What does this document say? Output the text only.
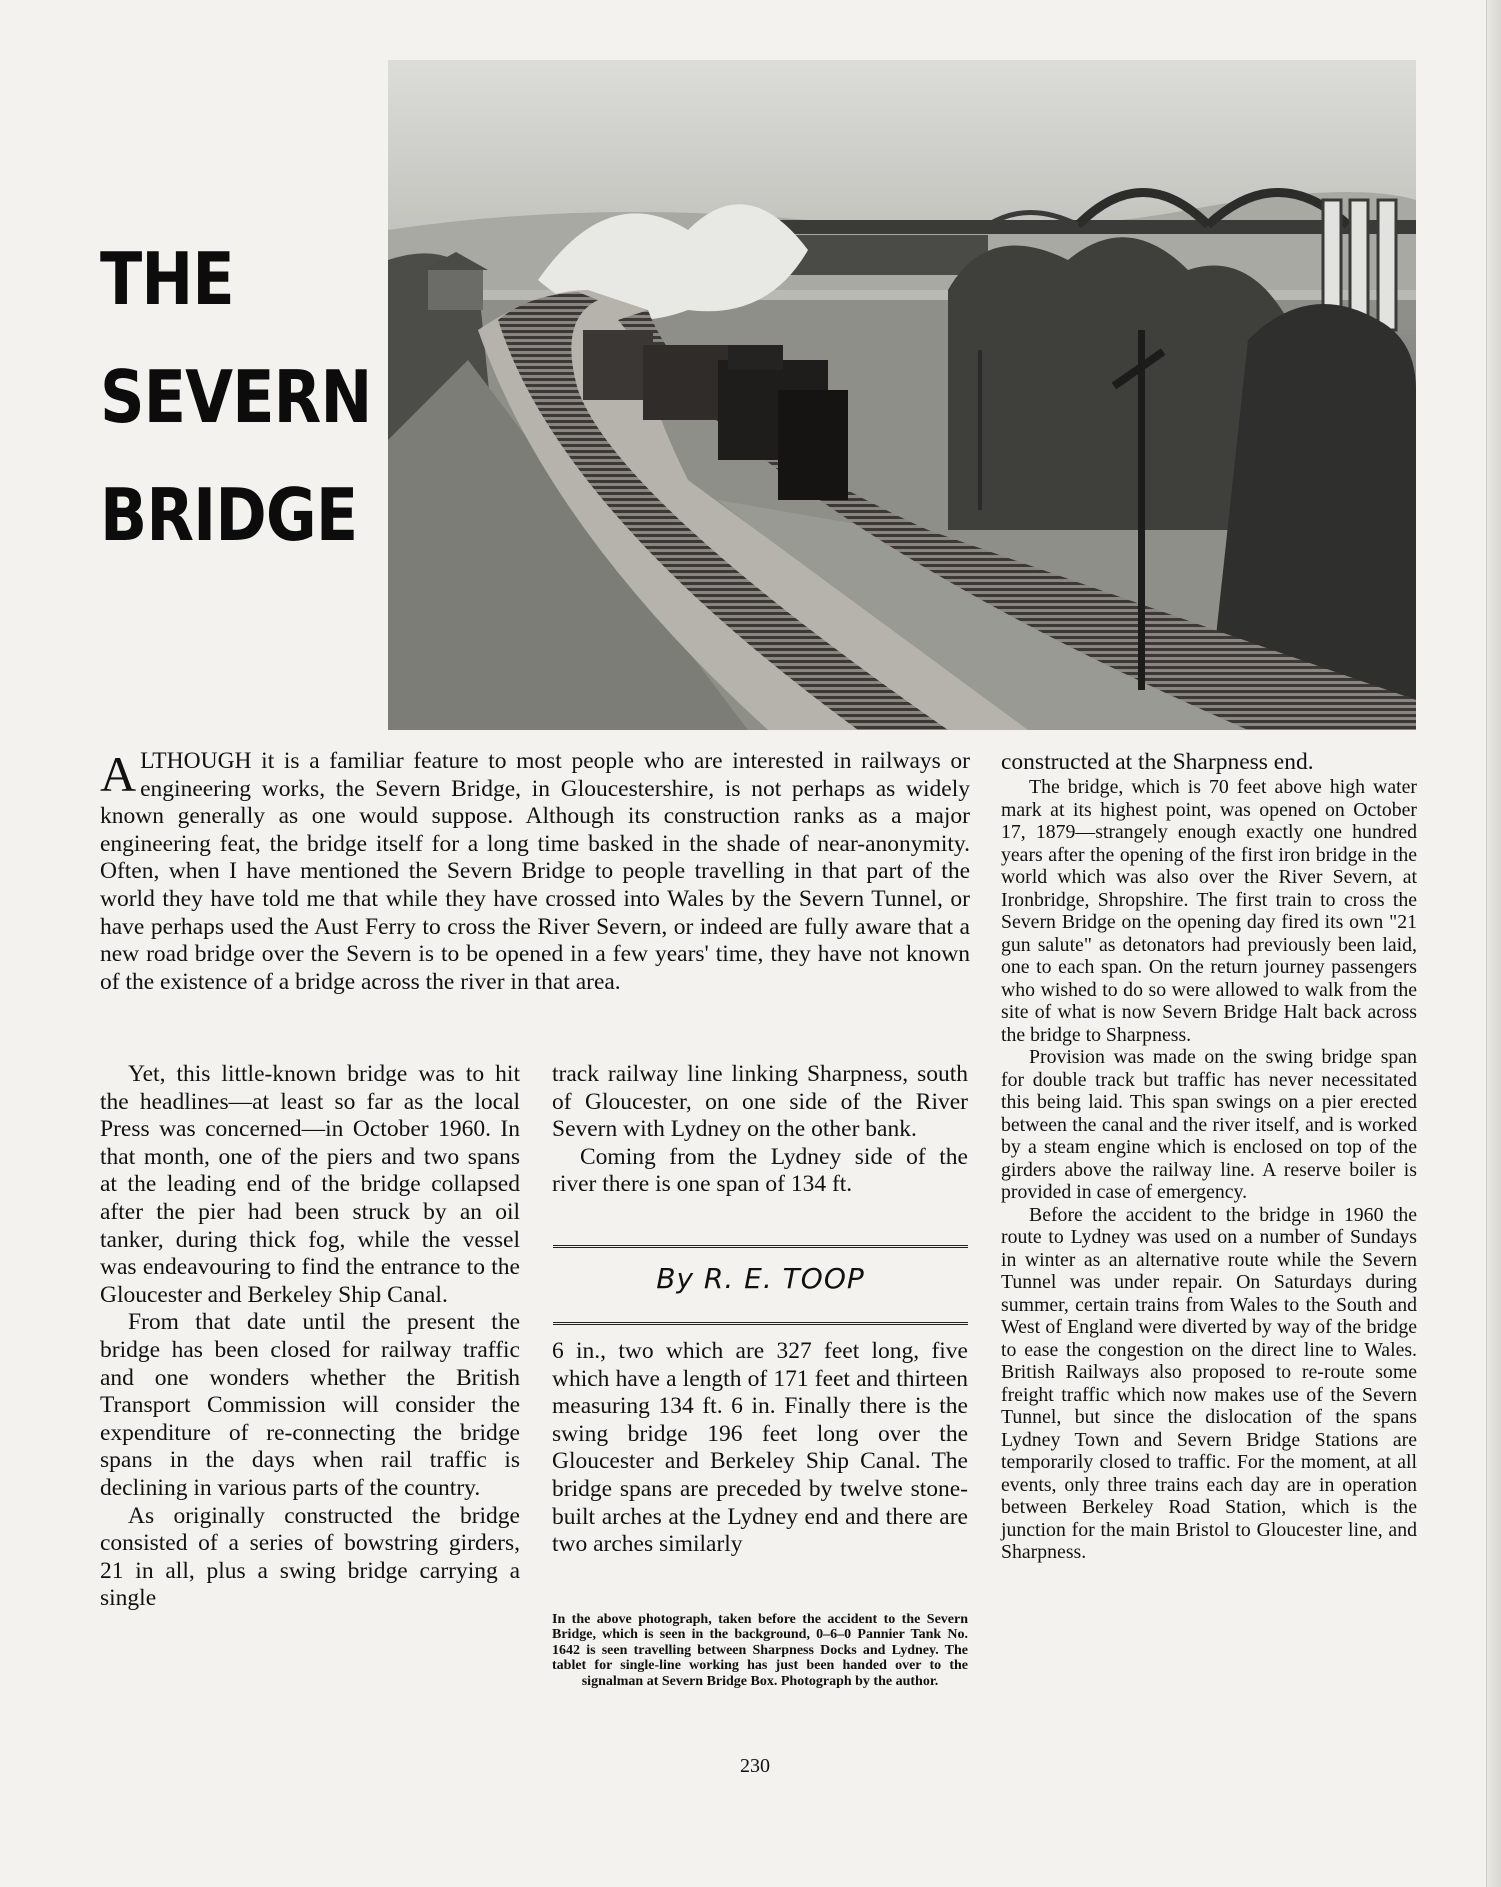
THE
SEVERN
BRIDGE

ALTHOUGH it is a familiar feature to most people who are interested in railways or engineering works, the Severn Bridge, in Gloucestershire, is not perhaps as widely known generally as one would suppose. Although its construction ranks as a major engineering feat, the bridge itself for a long time basked in the shade of near-anonymity. Often, when I have mentioned the Severn Bridge to people travelling in that part of the world they have told me that while they have crossed into Wales by the Severn Tunnel, or have perhaps used the Aust Ferry to cross the River Severn, or indeed are fully aware that a new road bridge over the Severn is to be opened in a few years' time, they have not known of the existence of a bridge across the river in that area.

Yet, this little-known bridge was to hit the headlines—at least so far as the local Press was concerned—in October 1960. In that month, one of the piers and two spans at the leading end of the bridge collapsed after the pier had been struck by an oil tanker, during thick fog, while the vessel was endeavouring to find the entrance to the Gloucester and Berkeley Ship Canal.

From that date until the present the bridge has been closed for railway traffic and one wonders whether the British Transport Commission will consider the expenditure of re-connecting the bridge spans in the days when rail traffic is declining in various parts of the country.

As originally constructed the bridge consisted of a series of bowstring girders, 21 in all, plus a swing bridge carrying a single

track railway line linking Sharpness, south of Gloucester, on one side of the River Severn with Lydney on the other bank.

Coming from the Lydney side of the river there is one span of 134 ft.

By R. E. TOOP

6 in., two which are 327 feet long, five which have a length of 171 feet and thirteen measuring 134 ft. 6 in. Finally there is the swing bridge 196 feet long over the Gloucester and Berkeley Ship Canal. The bridge spans are preceded by twelve stone-built arches at the Lydney end and there are two arches similarly

In the above photograph, taken before the accident to the Severn Bridge, which is seen in the background, 0–6–0 Pannier Tank No. 1642 is seen travelling between Sharpness Docks and Lydney. The tablet for single-line working has just been handed over to the signalman at Severn Bridge Box. Photograph by the author.

constructed at the Sharpness end.

The bridge, which is 70 feet above high water mark at its highest point, was opened on October 17, 1879—strangely enough exactly one hundred years after the opening of the first iron bridge in the world which was also over the River Severn, at Ironbridge, Shropshire. The first train to cross the Severn Bridge on the opening day fired its own "21 gun salute" as detonators had previously been laid, one to each span. On the return journey passengers who wished to do so were allowed to walk from the site of what is now Severn Bridge Halt back across the bridge to Sharpness.

Provision was made on the swing bridge span for double track but traffic has never necessitated this being laid. This span swings on a pier erected between the canal and the river itself, and is worked by a steam engine which is enclosed on top of the girders above the railway line. A reserve boiler is provided in case of emergency.

Before the accident to the bridge in 1960 the route to Lydney was used on a number of Sundays in winter as an alternative route while the Severn Tunnel was under repair. On Saturdays during summer, certain trains from Wales to the South and West of England were diverted by way of the bridge to ease the congestion on the direct line to Wales. British Railways also proposed to re-route some freight traffic which now makes use of the Severn Tunnel, but since the dislocation of the spans Lydney Town and Severn Bridge Stations are temporarily closed to traffic. For the moment, at all events, only three trains each day are in operation between Berkeley Road Station, which is the junction for the main Bristol to Gloucester line, and Sharpness.

230
